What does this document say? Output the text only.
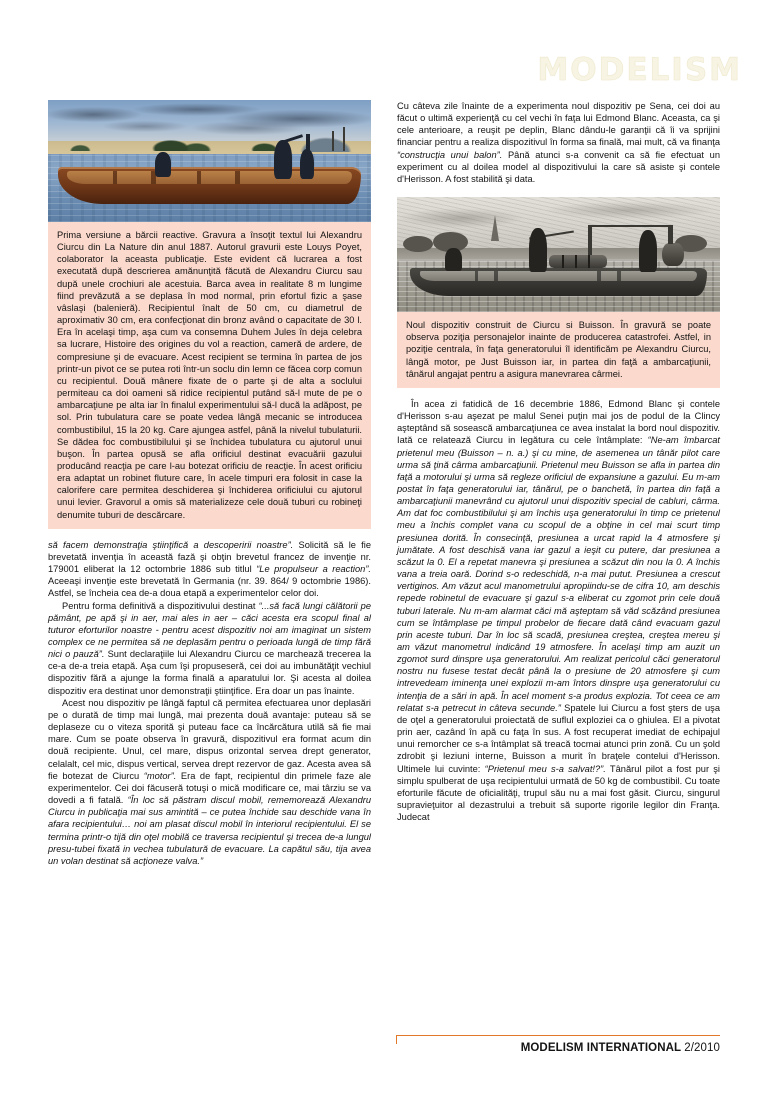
MODELISM
Prima versiune a bărcii reactive. Gravura a însoţit textul lui Alexandru Ciurcu din La Nature din anul 1887. Autorul gravurii este Louys Poyet, colaborator la aceasta publicaţie. Este evident că lucrarea a fost executată după descrierea amănunţită făcută de Alexandru Ciurcu sau după unele crochiuri ale acestuia. Barca avea in realitate 8 m lungime fiind prevăzută a se deplasa în mod normal, prin efortul fizic a şase vâslaşi (balenieră). Recipientul înalt de 50 cm, cu diametrul de aproximativ 30 cm, era confecţionat din bronz având o capacitate de 30 l. Era în acelaşi timp, aşa cum va consemna Duhem Jules în deja celebra sa lucrare, Histoire des origines du vol a reaction, cameră de ardere, de compresiune şi de evacuare. Acest recipient se termina în partea de jos printr-un pivot ce se putea roti într-un soclu din lemn ce făcea corp comun cu recipientul. Două mânere fixate de o parte şi de alta a soclului permiteau ca doi oameni să ridice recipientul putând să-l mute de pe o ambarcaţiune pe alta iar în finalul experimentului să-l ducă la adăpost, pe sol. Prin tubulatura care se poate vedea lângă mecanic se introducea combustibilul, 15 la 20 kg. Care ajungea astfel, până la nivelul tubulaturii. Se dădea foc combustibilului şi se închidea tubulatura cu ajutorul unui buşon. În partea opusă se afla orificiul destinat evacuării gazului producând reacţia pe care l-au botezat orificiu de reacţie. În acest orificiu era adaptat un robinet fluture care, în acele timpuri era folosit in case la calorifere care permitea deschiderea şi închiderea orificiului cu ajutorul unui levier. Gravorul a omis să materializeze cele două tuburi cu robineţi denumite tuburi de descărcare.

să facem demonstraţia ştiinţifică a descoperirii noastre”. Solicită să le fie brevetată invenţia în această fază şi obţin brevetul francez de invenţie nr. 179001 eliberat la 12 octombrie 1886 sub titlul “Le propulseur a reaction”. Aceeaşi invenţie este brevetată în Germania (nr. 39. 864/ 9 octombrie 1986). Astfel, se încheia cea de-a doua etapă a experimentelor celor doi.

Pentru forma definitivă a dispozitivului destinat “...să facă lungi călătorii pe pământ, pe apă şi in aer, mai ales in aer – căci acesta era scopul final al tuturor eforturilor noastre - pentru acest dispozitiv noi am imaginat un sistem complex ce ne permitea să ne deplasăm pentru o perioada lungă de timp fără nici o pauză”. Sunt declaraţiile lui Alexandru Ciurcu ce marchează trecerea la ce-a de-a treia etapă. Aşa cum îşi propuseseră, cei doi au imbunătăţit vechiul dispozitiv fără a ajunge la forma finală a aparatului lor. Şi acesta al doilea dispozitiv era destinat unor demonstraţii ştiinţifice. Era doar un pas înainte.

Acest nou dispozitiv pe lângă faptul că permitea efectuarea unor deplasări pe o durată de timp mai lungă, mai prezenta două avantaje: puteau să se deplaseze cu o viteza sporită şi puteau face ca încărcătura utilă să fie mai mare. Cum se poate observa în gravură, dispozitivul era format acum din două recipiente. Unul, cel mare, dispus orizontal servea drept generator, celalalt, cel mic, dispus vertical, servea drept rezervor de gaz. Acesta avea să fie botezat de Ciurcu “motor”. Era de fapt, recipientul din primele faze ale experimentelor. Cei doi făcuseră totuşi o mică modificare ce, mai târziu se va dovedi a fi fatală. “În loc să păstram discul mobil, rememorează Alexandru Ciurcu in publicaţia mai sus amintită – ce putea închide sau deschide vana în afara recipientului… noi am plasat discul mobil în interiorul recipientului. El se termina printr-o tijă din oţel mobilă ce traversa recipientul şi trecea de-a lungul presu-tubei fixată in vechea tubulatură de evacuare. La capătul său, tija avea un volan destinat să acţioneze valva.”

Cu câteva zile înainte de a experimenta noul dispozitiv pe Sena, cei doi au făcut o ultimă experienţă cu cel vechi în faţa lui Edmond Blanc. Aceasta, ca şi cele anterioare, a reuşit pe deplin, Blanc dându-le garanţii că îi va sprijini financiar pentru a realiza dispozitivul în forma sa finală, mai mult, că va finanţa “construcţia unui balon”. Până atunci s-a convenit ca să fie efectuat un experiment cu al doilea model al dispozitivului la care să asiste şi contele d'Herisson. A fost stabilită şi data.

Noul dispozitiv construit de Ciurcu si Buisson. În gravură se poate observa poziţia personajelor inainte de producerea catastrofei. Astfel, in poziţie centrala, în faţa generatorului îl identificăm pe Alexandru Ciurcu, lângă motor, pe Just Buisson iar, in partea din faţă a ambarcaţiunii, tânărul angajat pentru a asigura manevrarea cârmei.

În acea zi fatidică de 16 decembrie 1886, Edmond Blanc şi contele d'Herisson s-au aşezat pe malul Senei puţin mai jos de podul de la Clincy aşteptând să sosească ambarcaţiunea ce avea instalat la bord noul dispozitiv. Iată ce relatează Ciurcu in legătura cu cele întâmplate: “Ne-am îmbarcat prietenul meu (Buisson – n. a.) şi cu mine, de asemenea un tânăr pilot care urma să ţină cârma ambarcaţiunii. Prietenul meu Buisson se afla in partea din faţă a motorului şi urma să regleze orificiul de expansiune a gazului. Eu m-am postat în faţa generatorului iar, tânărul, pe o banchetă, în partea din faţă a ambarcaţiunii manevrând cu ajutorul unui dispozitiv special de cabluri, cârma. Am dat foc combustibilului şi am închis uşa generatorului în timp ce prietenul meu a închis complet vana cu scopul de a obţine in cel mai scurt timp presiunea dorită. În consecinţă, presiunea a urcat rapid la 4 atmosfere şi jumătate. A fost deschisă vana iar gazul a ieşit cu putere, dar presiunea a scăzut la 0. El a repetat manevra şi presiunea a scăzut din nou la 0. A închis vana a treia oară. Dorind s-o redeschidă, n-a mai putut. Presiunea a crescut vertiginos. Am văzut acul manometrului apropiindu-se de cifra 10, am deschis repede robinetul de evacuare şi gazul s-a eliberat cu zgomot prin cele două tuburi laterale. Nu m-am alarmat căci mă aşteptam să văd scăzând presiunea cum se întâmplase pe timpul probelor de fiecare dată când evacuam gazul prin aceste tuburi. Dar în loc să scadă, presiunea creştea, creştea mereu şi am văzut manometrul indicând 19 atmosfere. În acelaşi timp am auzit un zgomot surd dinspre uşa generatorului. Am realizat pericolul căci generatorul nostru nu fusese testat decât până la o presiune de 20 atmosfere şi cum intrevedeam iminenţa unei explozii m-am întors dinspre uşa generatorului cu intenţia de a sări in apă. În acel moment s-a produs explozia. Tot ceea ce am relatat s-a petrecut in câteva secunde.” Spatele lui Ciurcu a fost şters de uşa de oţel a generatorului proiectată de suflul exploziei ca o ghiulea. El a pivotat prin aer, cazând în apă cu faţa în sus. A fost recuperat imediat de echipajul unui remorcher ce s-a întâmplat să treacă tocmai atunci prin zonă. Cu un şold zdrobit şi leziuni interne, Buisson a murit în braţele contelui d'Herisson. Ultimele lui cuvinte: “Prietenul meu s-a salvat!?”. Tânărul pilot a fost pur şi simplu spulberat de uşa recipientului urmată de 50 kg de combustibil. Cu toate eforturile făcute de oficialităţi, trupul său nu a mai fost găsit. Ciurcu, singurul supravieţuitor al dezastrului a trebuit să suporte rigorile legilor din Franţa. Judecat

MODELISM INTERNATIONAL 2/2010
